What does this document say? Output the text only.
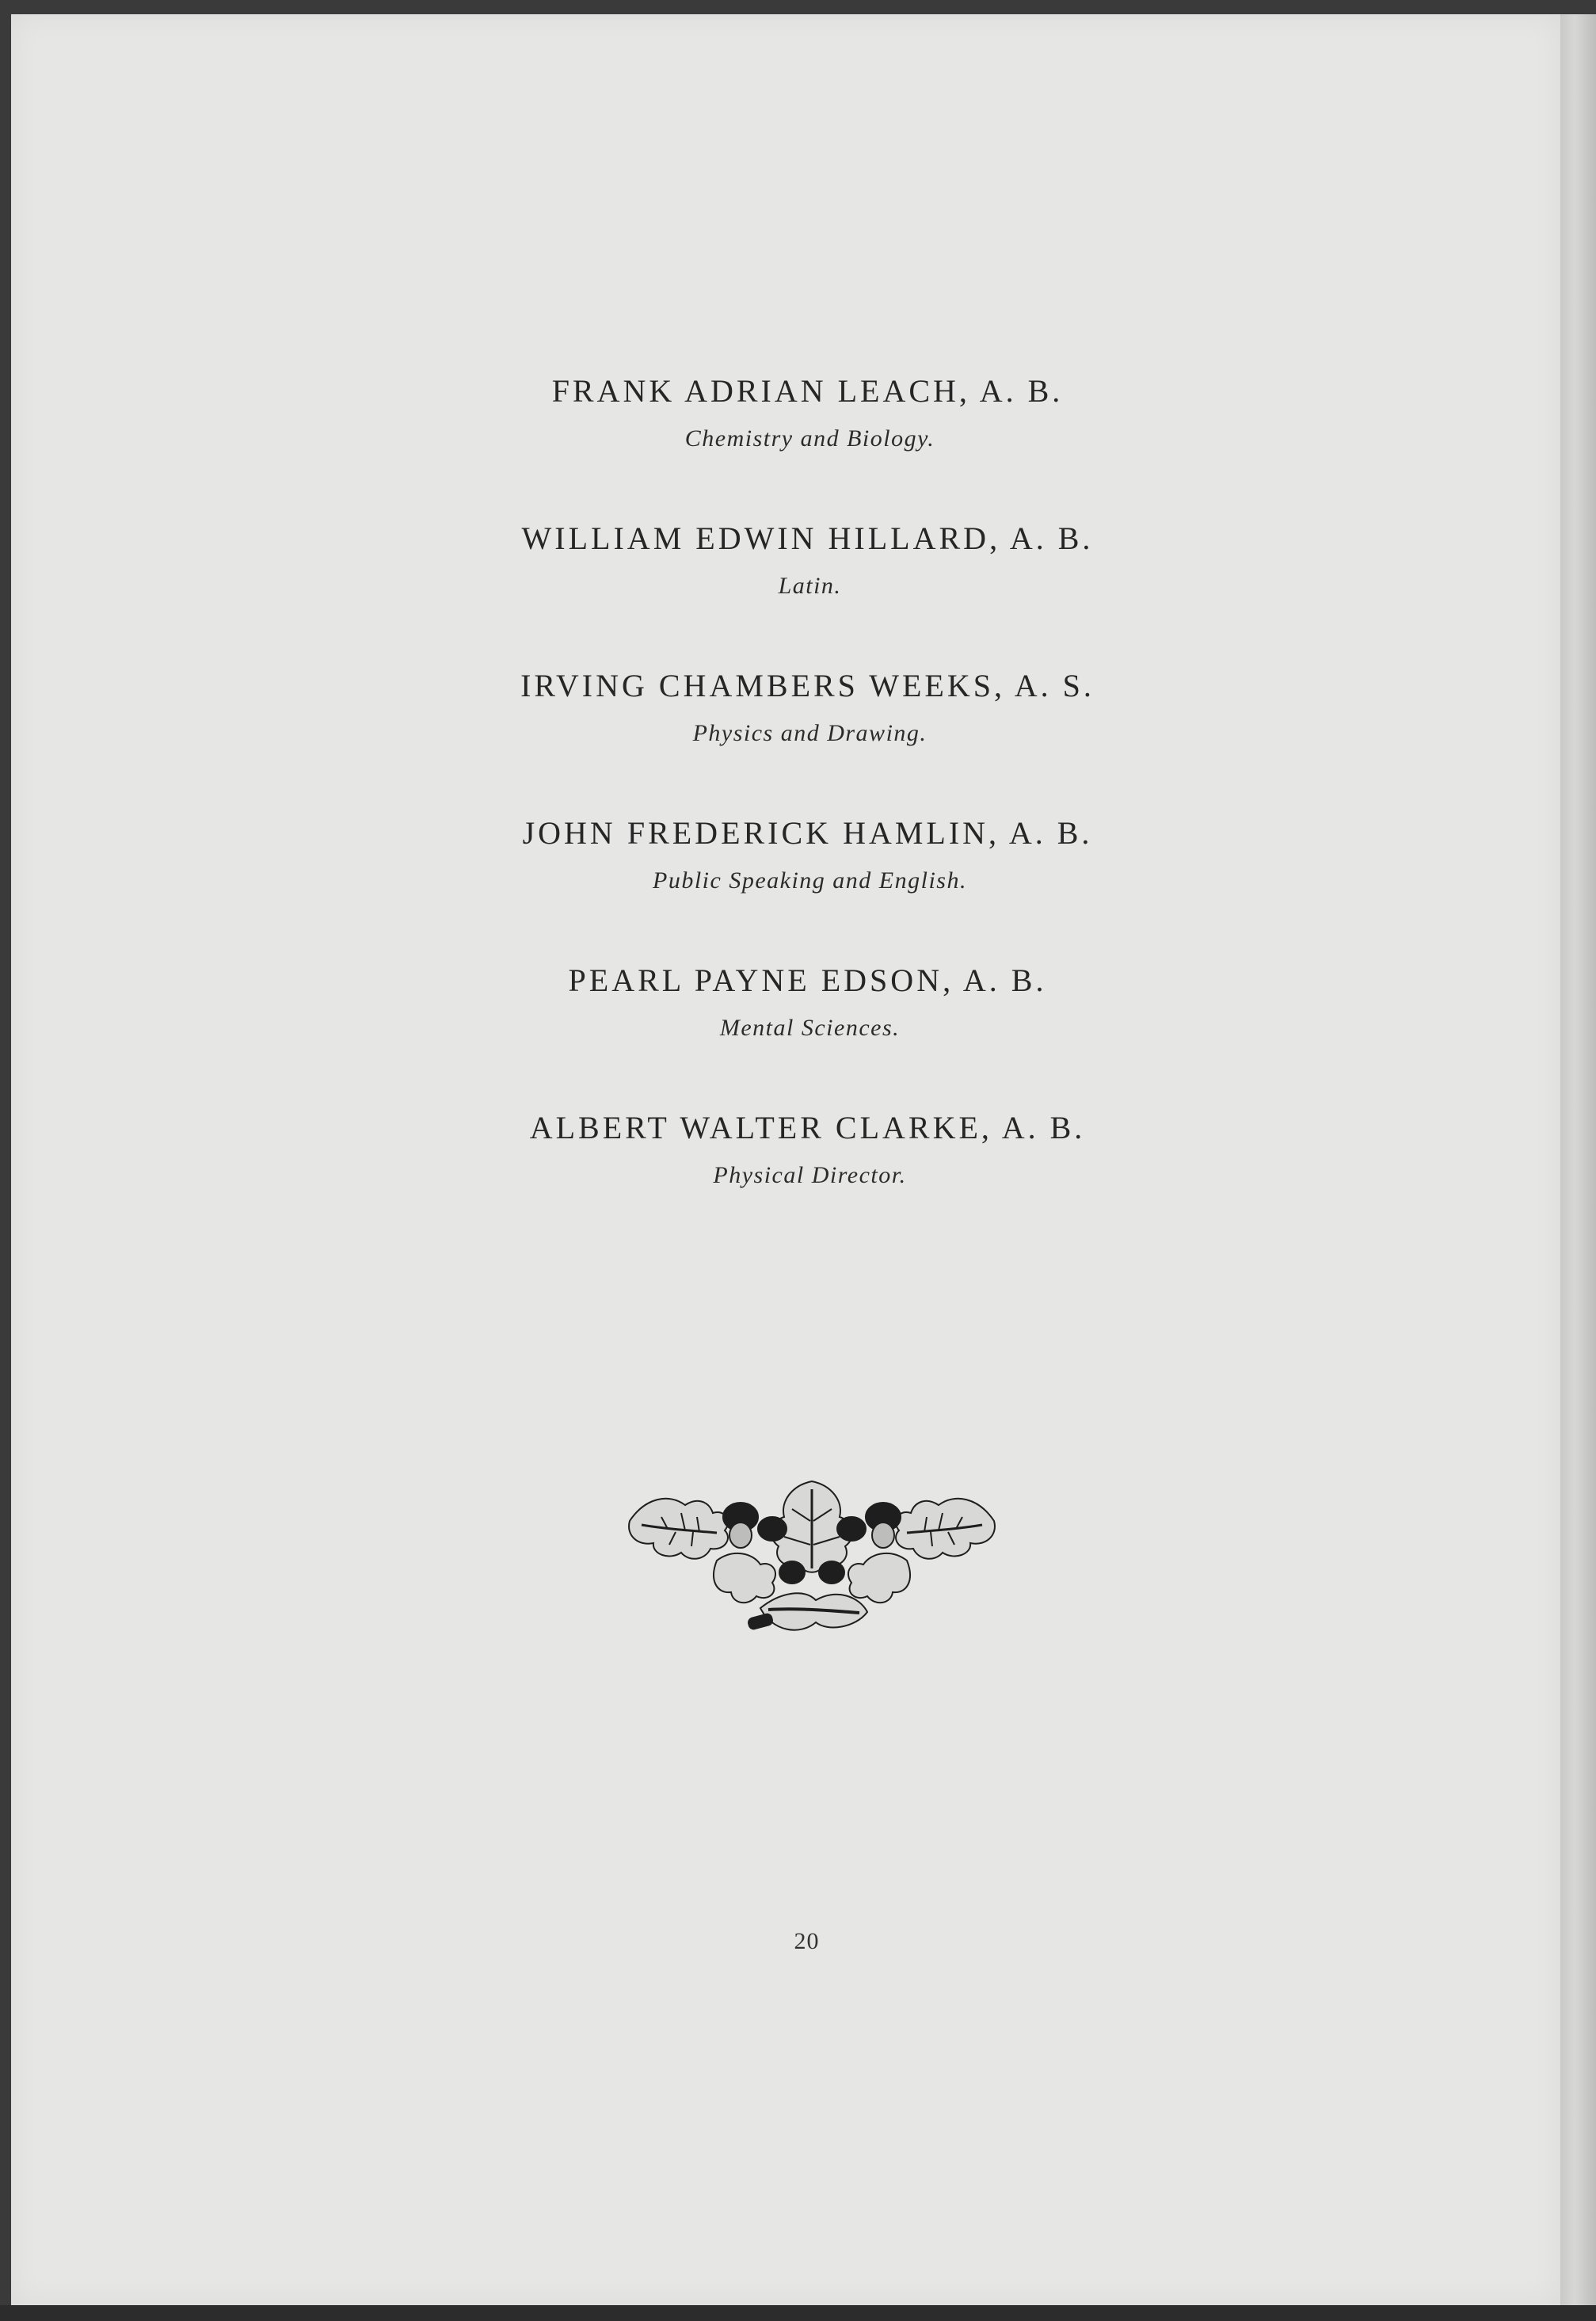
FRANK ADRIAN LEACH, A. B.
Chemistry and Biology.
WILLIAM EDWIN HILLARD, A. B.
Latin.
IRVING CHAMBERS WEEKS, A. S.
Physics and Drawing.
JOHN FREDERICK HAMLIN, A. B.
Public Speaking and English.
PEARL PAYNE EDSON, A. B.
Mental Sciences.
ALBERT WALTER CLARKE, A. B.
Physical Director.
20
